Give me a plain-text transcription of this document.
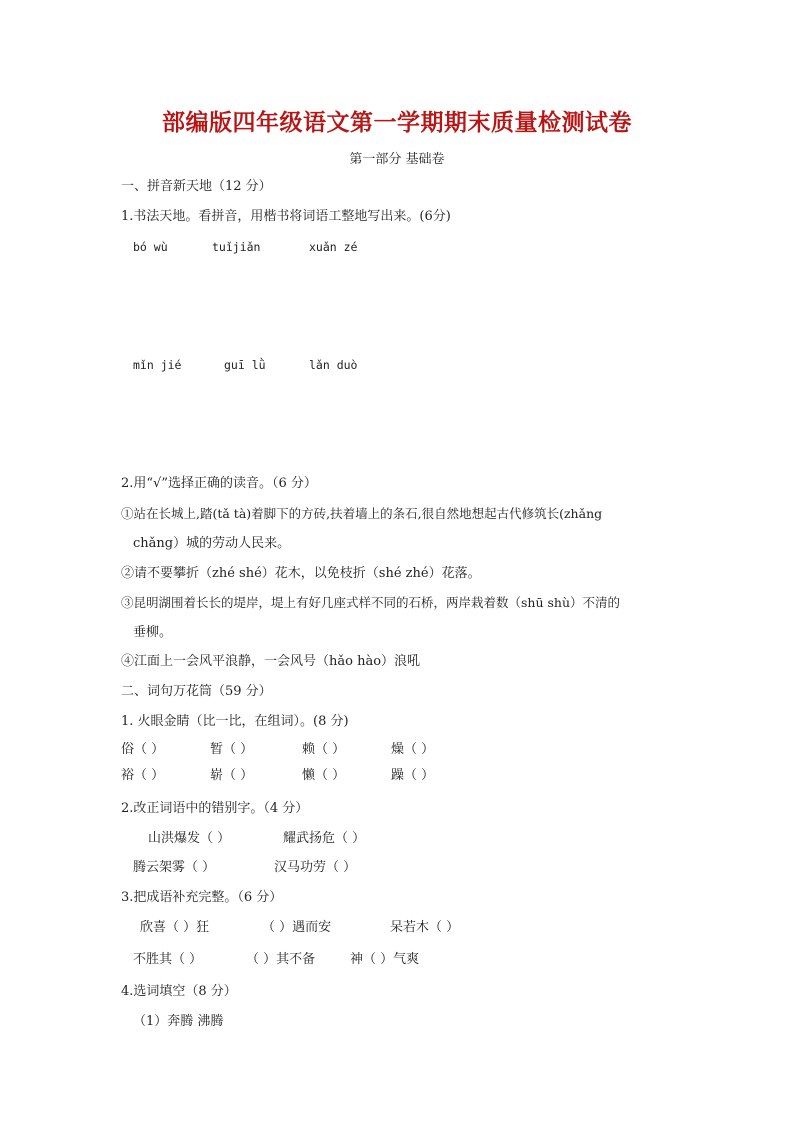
部编版四年级语文第一学期期末质量检测试卷
第一部分 基础卷
一、拼音新天地（12 分）
1.书法天地。看拼音，用楷书将词语工整地写出来。(6分)
bó wù	tuǐjiǎn	xuǎn zé
mǐn jié	guī lǜ	lǎn duò
2.用“√”选择正确的读音。（6 分）
①站在长城上,踏(tǎ tà)着脚下的方砖,扶着墙上的条石,很自然地想起古代修筑长(zhǎng
chǎng）城的劳动人民来。
②请不要攀折（zhé shé）花木，以免枝折（shé zhé）花落。
③昆明湖围着长长的堤岸，堤上有好几座式样不同的石桥，两岸栽着数（shū shù）不清的
垂柳。
④江面上一会风平浪静，一会风号（hǎo hào）浪吼
二、词句万花筒（59 分）
1. 火眼金睛（比一比，在组词）。(8 分)
俗（ ）	暂（ ）	赖（ ）	燥（ ）
裕（ ）	崭（ ）	懒（ ）	躁（ ）
2.改正词语中的错别字。（4 分）
山洪爆发（ ）	耀武扬危（ ）
腾云架雾（ ）	汉马功劳（ ）
3.把成语补充完整。（6 分）
欣喜（ ）狂	（ ）遇而安	呆若木（ ）
不胜其（ ）	（ ）其不备	神（ ）气爽
4.选词填空（8 分）
（1）奔腾 沸腾
